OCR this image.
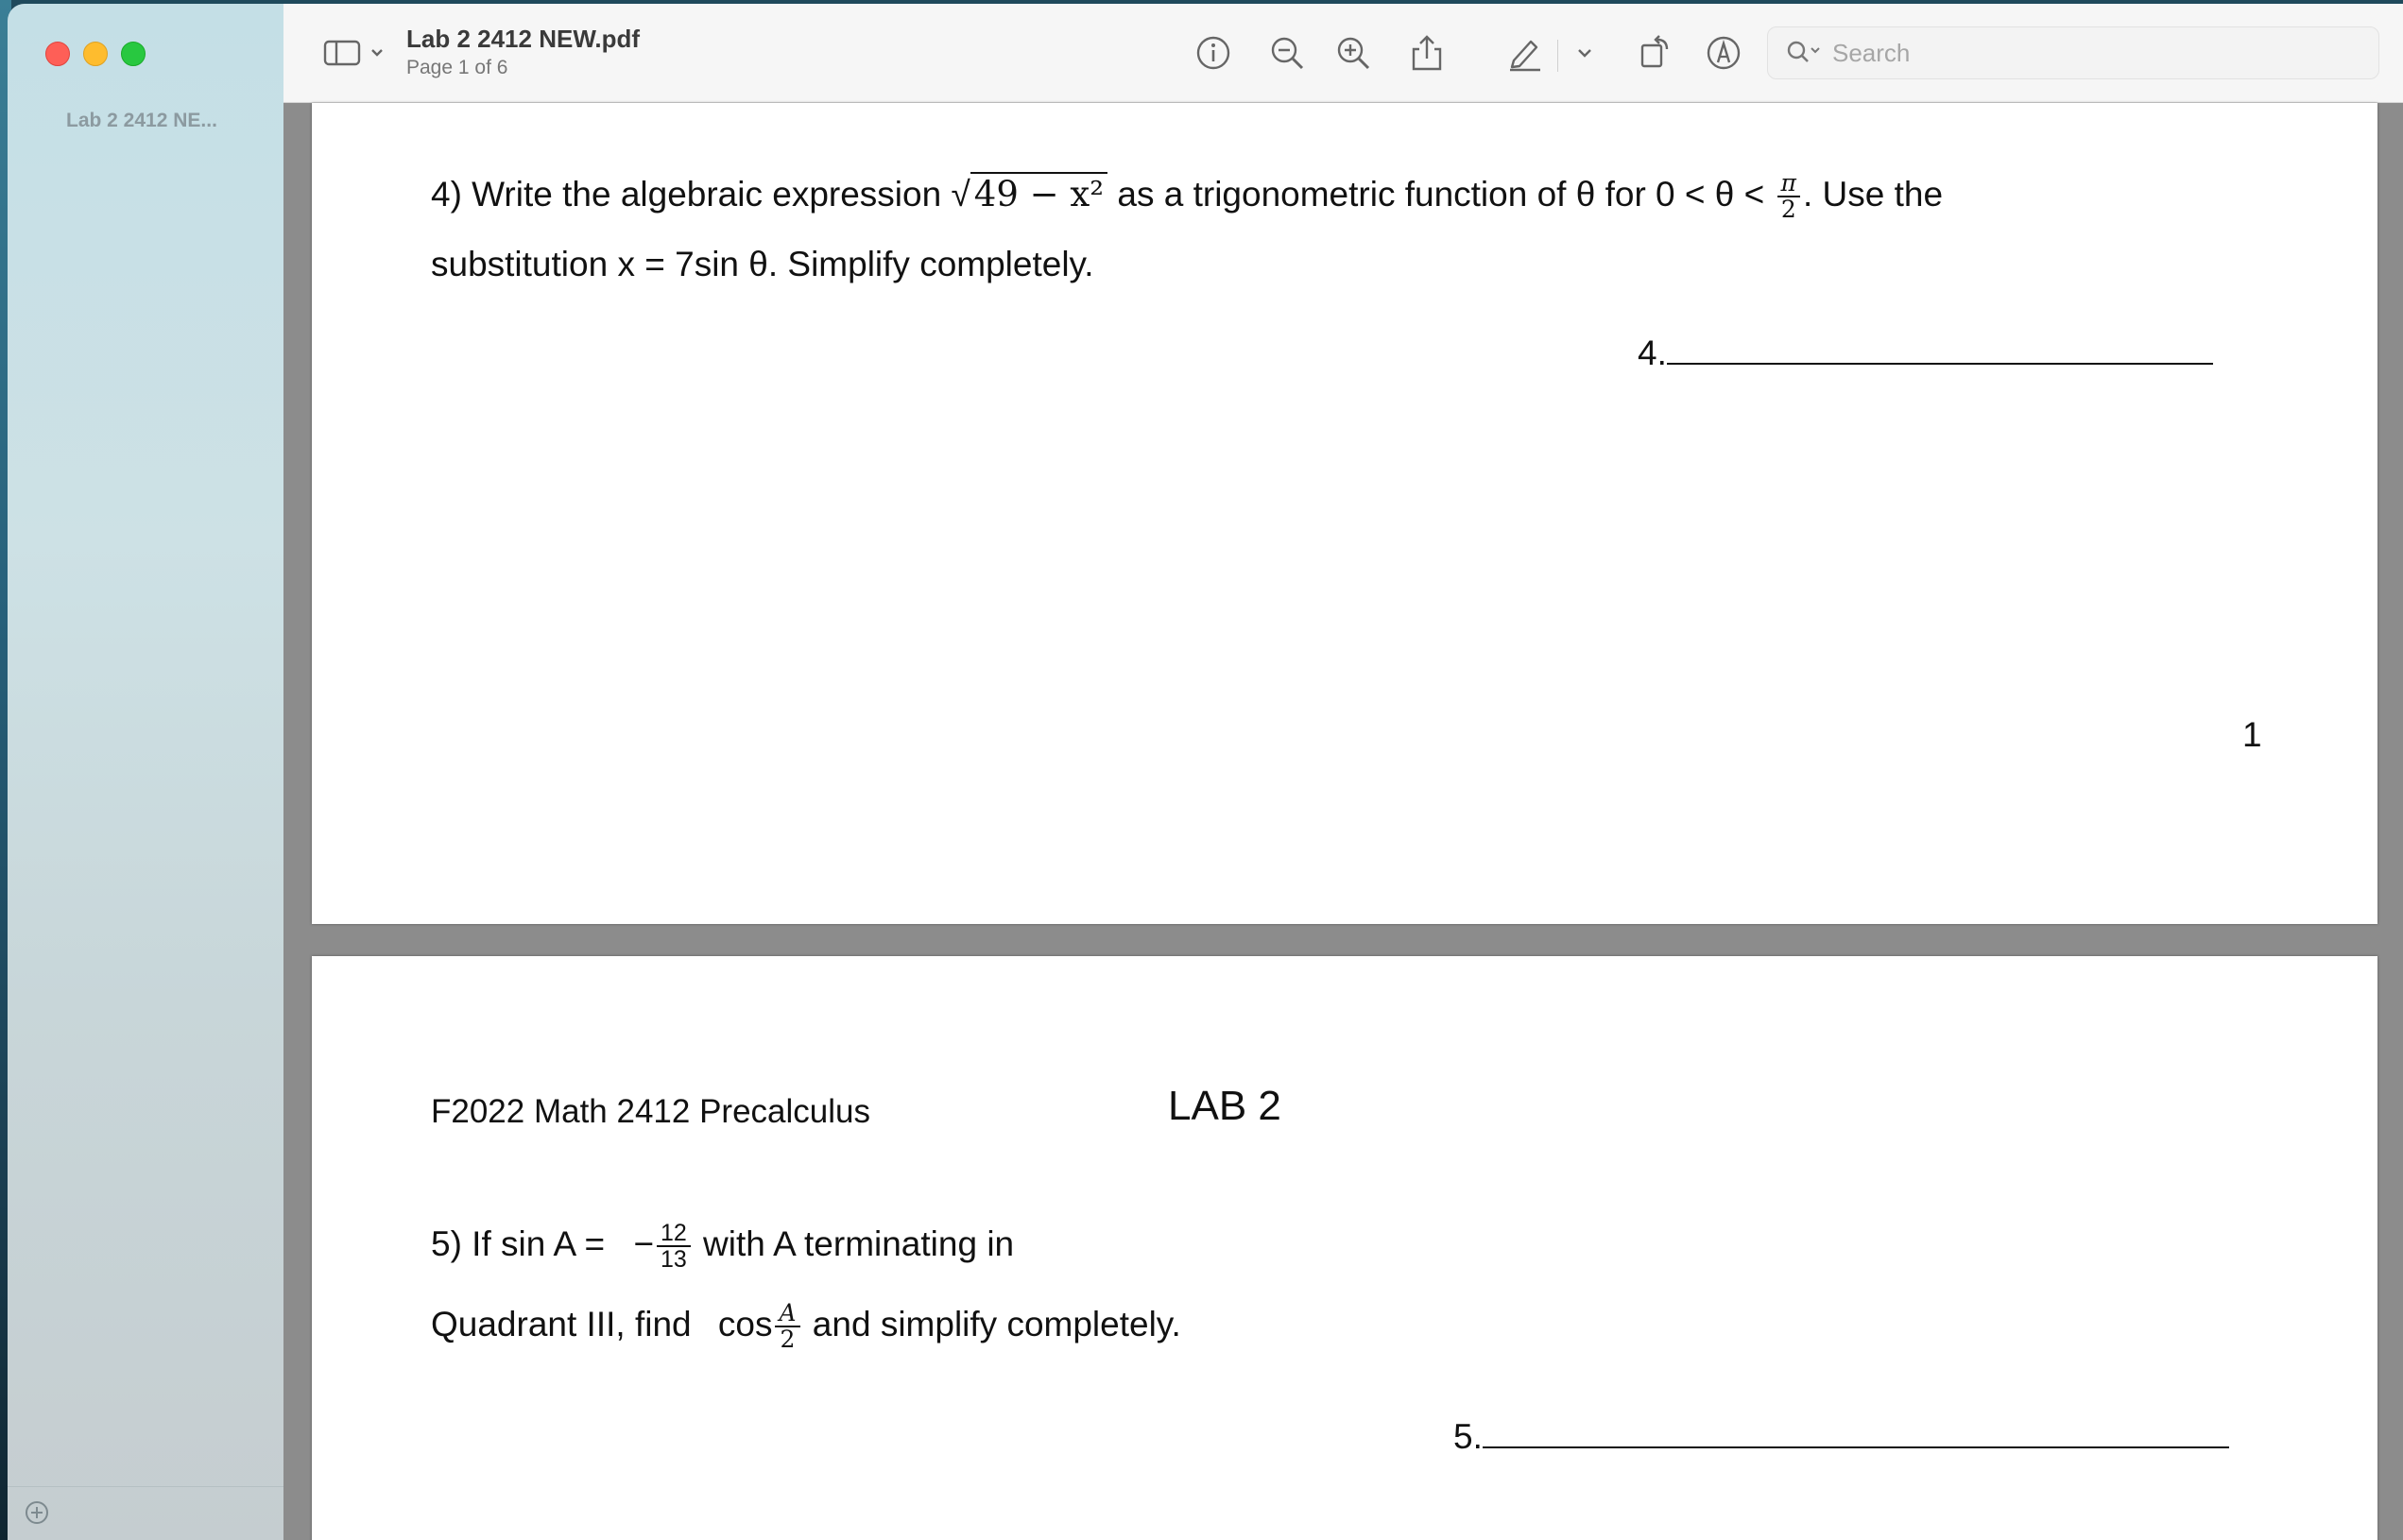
Lab 2 2412 NE...
Lab 2 2412 NEW.pdf
Page 1 of 6
Search
4) Write the algebraic expression √ 49 − x² as a trigonometric function of θ for $0 < \theta < \frac{\pi}{2}$ . Use the
substitution x = 7sin θ. Simplify completely.
4.
1
F2022 Math 2412 Precalculus	LAB 2
5) If sin A = − $\frac{12}{13}$ with A terminating in
Quadrant III, find $\cos \frac{A}{2}$ and simplify completely.
5.
